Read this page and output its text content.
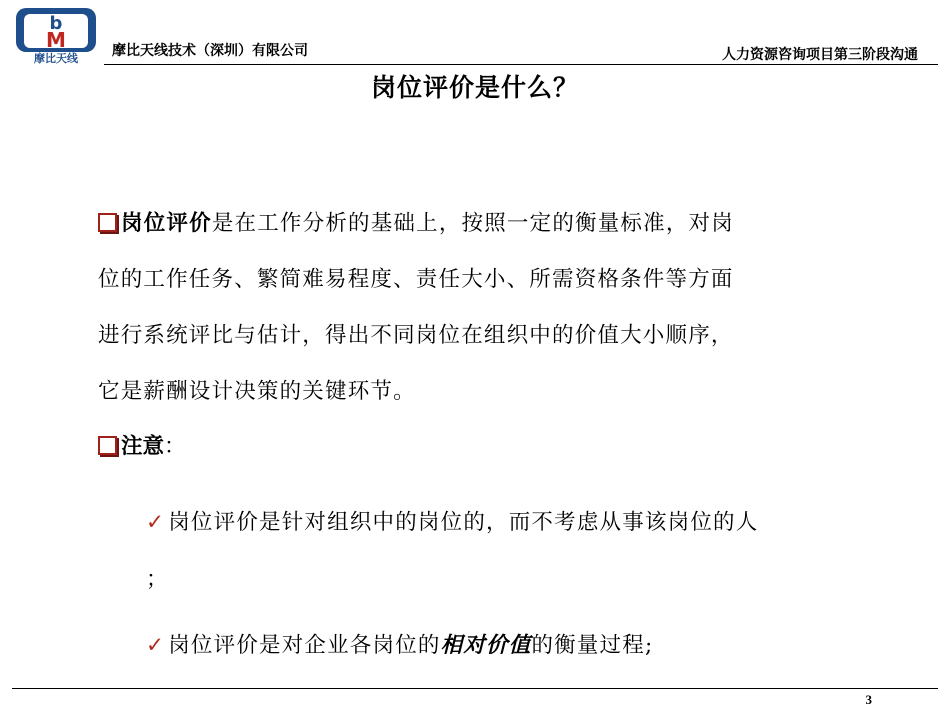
b
M
摩比天线 摩比天线技术（深圳）有限公司	人力资源咨询项目第三阶段沟通
岗位评价是什么？
岗位评价是在工作分析的基础上，按照一定的衡量标准，对岗
位的工作任务、繁简难易程度、责任大小、所需资格条件等方面
进行系统评比与估计，得出不同岗位在组织中的价值大小顺序，
它是薪酬设计决策的关键环节。
注意：
✓ 岗位评价是针对组织中的岗位的，而不考虑从事该岗位的人
；
✓ 岗位评价是对企业各岗位的相对价值的衡量过程;
3
